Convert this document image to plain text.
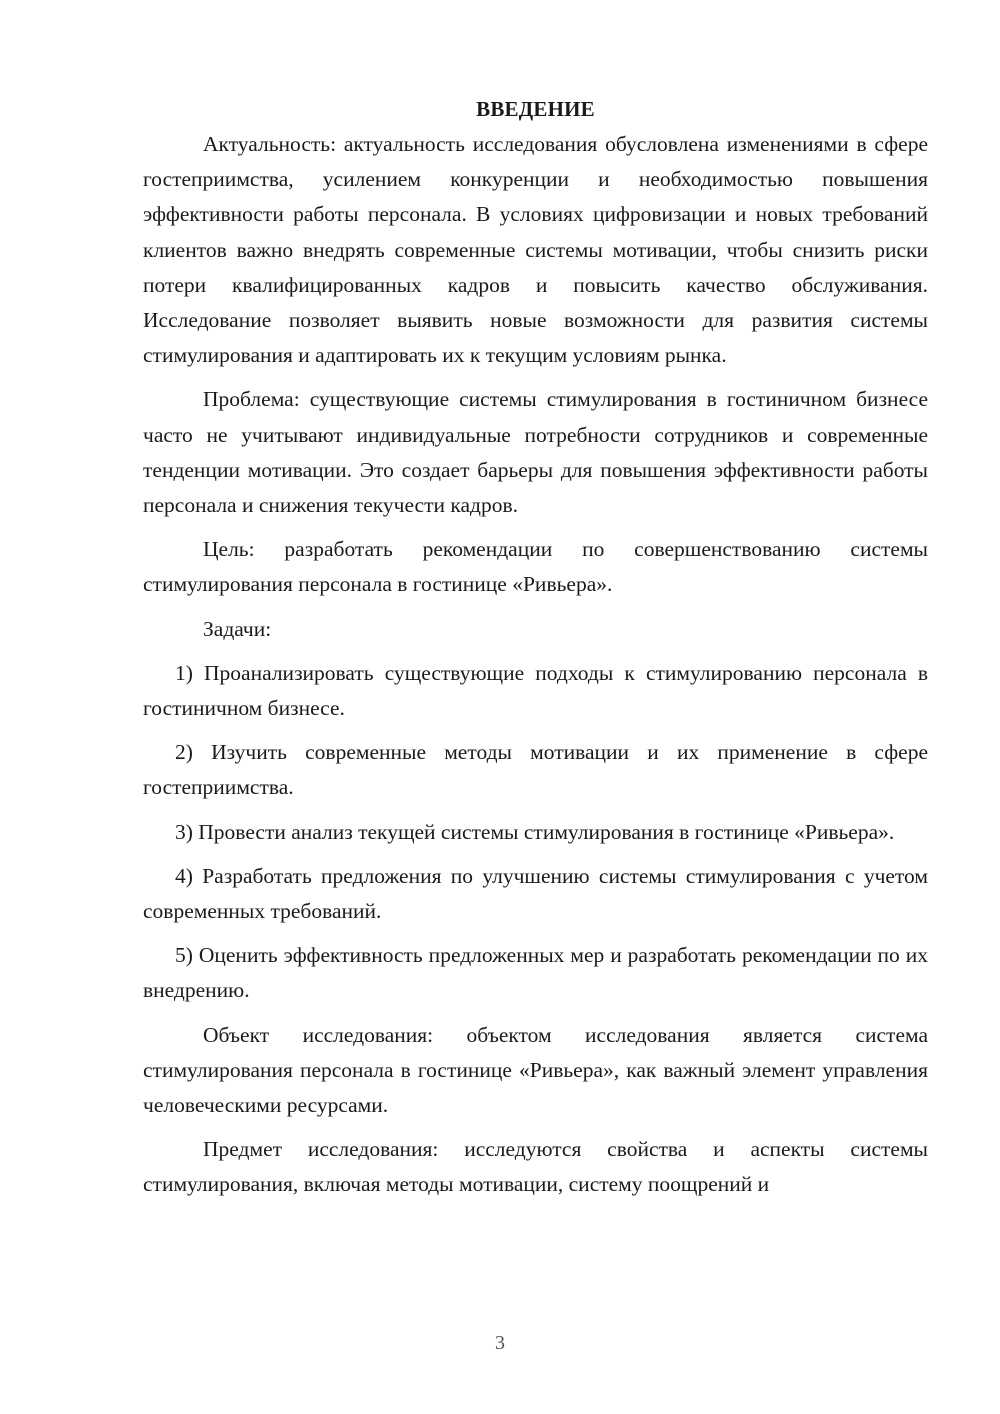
ВВЕДЕНИЕ

Актуальность: актуальность исследования обусловлена изменениями в сфере гостеприимства, усилением конкуренции и необходимостью повышения эффективности работы персонала. В условиях цифровизации и новых требований клиентов важно внедрять современные системы мотивации, чтобы снизить риски потери квалифицированных кадров и повысить качество обслуживания. Исследование позволяет выявить новые возможности для развития системы стимулирования и адаптировать их к текущим условиям рынка.

Проблема: существующие системы стимулирования в гостиничном бизнесе часто не учитывают индивидуальные потребности сотрудников и современные тенденции мотивации. Это создает барьеры для повышения эффективности работы персонала и снижения текучести кадров.

Цель: разработать рекомендации по совершенствованию системы стимулирования персонала в гостинице «Ривьера».

Задачи:

1) Проанализировать существующие подходы к стимулированию персонала в гостиничном бизнесе.

2) Изучить современные методы мотивации и их применение в сфере гостеприимства.

3) Провести анализ текущей системы стимулирования в гостинице «Ривьера».

4) Разработать предложения по улучшению системы стимулирования с учетом современных требований.

5) Оценить эффективность предложенных мер и разработать рекомендации по их внедрению.

Объект исследования: объектом исследования является система стимулирования персонала в гостинице «Ривьера», как важный элемент управления человеческими ресурсами.

Предмет исследования: исследуются свойства и аспекты системы стимулирования, включая методы мотивации, систему поощрений и

3
